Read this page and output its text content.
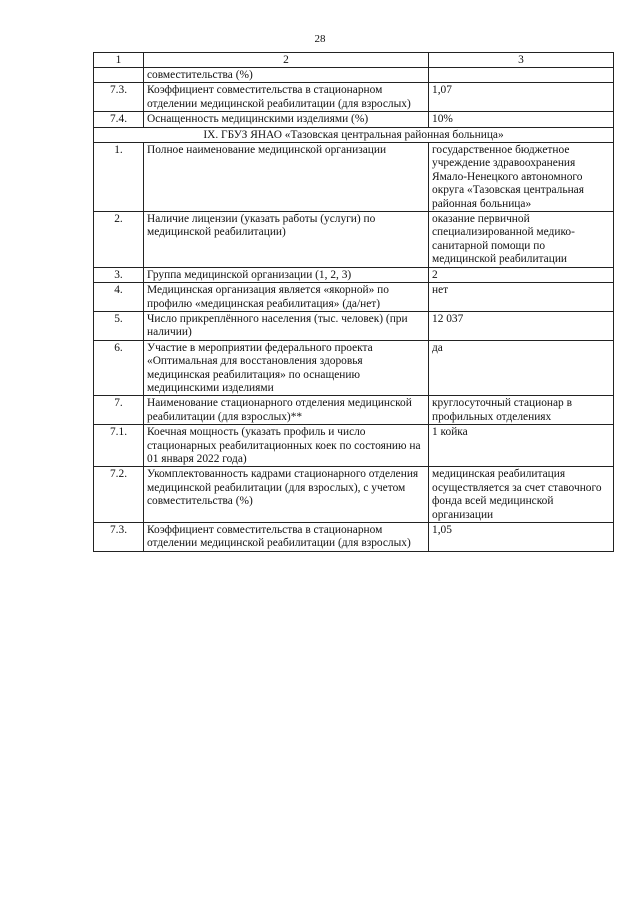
28
1	2	3
	совместительства (%)	
7.3.	Коэффициент совместительства в стационарном отделении медицинской реабилитации (для взрослых)	1,07
7.4.	Оснащенность медицинскими изделиями (%)	10%
IX. ГБУЗ ЯНАО «Тазовская центральная районная больница»		
1.	Полное наименование медицинской организации	государственное бюджетное учреждение здравоохранения Ямало-Ненецкого автономного округа «Тазовская центральная районная больница»
2.	Наличие лицензии (указать работы (услуги) по медицинской реабилитации)	оказание первичной специализированной медико-санитарной помощи по медицинской реабилитации
3.	Группа медицинской организации (1, 2, 3)	2
4.	Медицинская организация является «якорной» по профилю «медицинская реабилитация» (да/нет)	нет
5.	Число прикреплённого населения (тыс. человек) (при наличии)	12 037
6.	Участие в мероприятии федерального проекта «Оптимальная для восстановления здоровья медицинская реабилитация» по оснащению медицинскими изделиями	да
7.	Наименование стационарного отделения медицинской реабилитации (для взрослых)**	круглосуточный стационар в профильных отделениях
7.1.	Коечная мощность (указать профиль и число стационарных реабилитационных коек по состоянию на 01 января 2022 года)	1 койка
7.2.	Укомплектованность кадрами стационарного отделения медицинской реабилитации (для взрослых), с учетом совместительства (%)	медицинская реабилитация осуществляется за счет ставочного фонда всей медицинской организации
7.3.	Коэффициент совместительства в стационарном отделении медицинской реабилитации (для взрослых)	1,05
